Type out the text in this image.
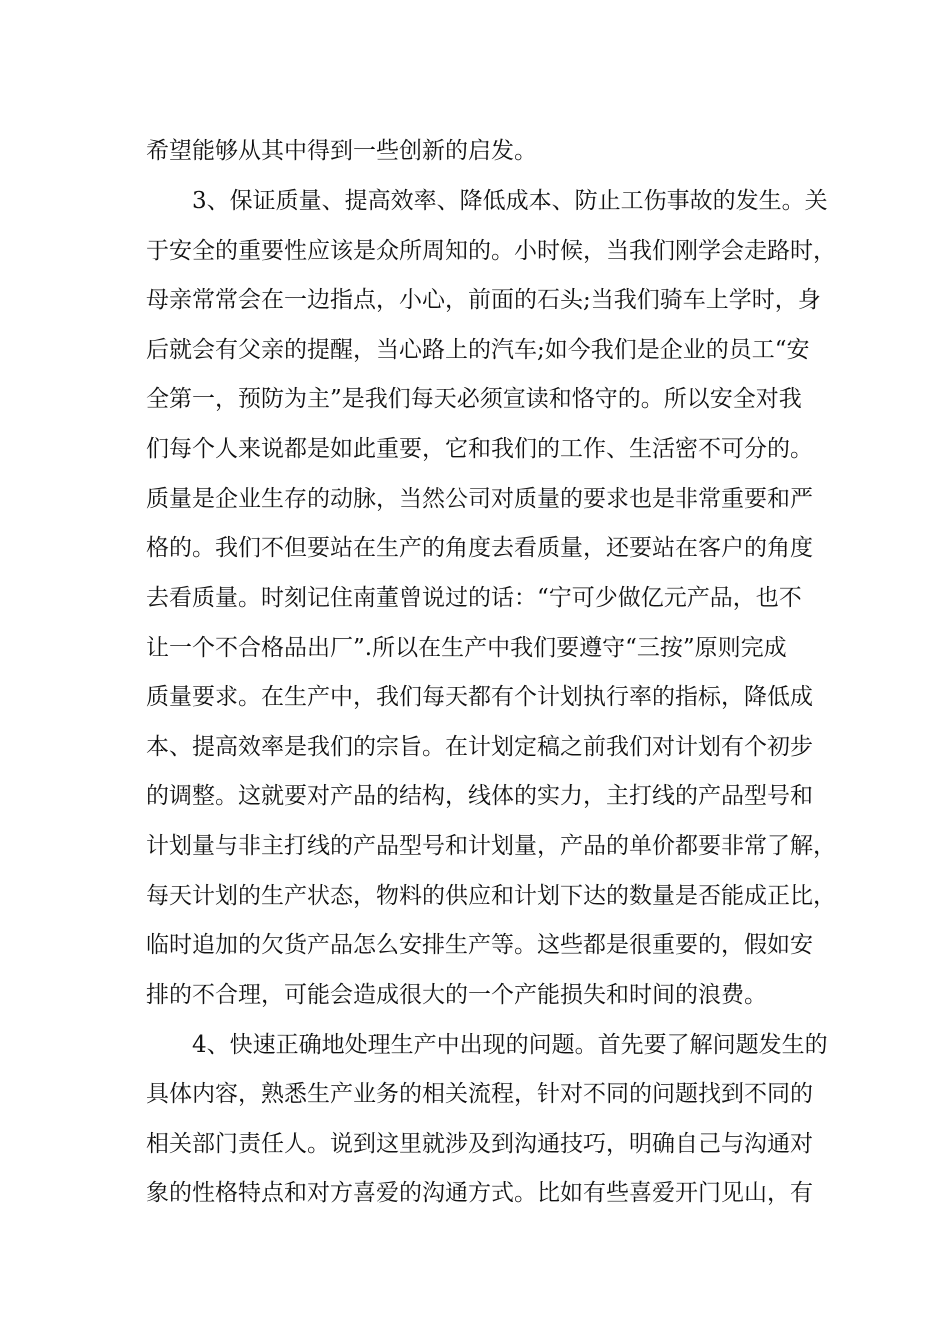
希望能够从其中得到一些创新的启发。
3、保证质量、提高效率、降低成本、防止工伤事故的发生。关
于安全的重要性应该是众所周知的。小时候，当我们刚学会走路时，
母亲常常会在一边指点，小心，前面的石头;当我们骑车上学时，身
后就会有父亲的提醒，当心路上的汽车;如今我们是企业的员工“安
全第一，预防为主”是我们每天必须宣读和恪守的。所以安全对我
们每个人来说都是如此重要，它和我们的工作、生活密不可分的。
质量是企业生存的动脉，当然公司对质量的要求也是非常重要和严
格的。我们不但要站在生产的角度去看质量，还要站在客户的角度
去看质量。时刻记住南董曾说过的话：“宁可少做亿元产品，也不
让一个不合格品出厂”.所以在生产中我们要遵守“三按”原则完成
质量要求。在生产中，我们每天都有个计划执行率的指标，降低成
本、提高效率是我们的宗旨。在计划定稿之前我们对计划有个初步
的调整。这就要对产品的结构，线体的实力，主打线的产品型号和
计划量与非主打线的产品型号和计划量，产品的单价都要非常了解，
每天计划的生产状态，物料的供应和计划下达的数量是否能成正比，
临时追加的欠货产品怎么安排生产等。这些都是很重要的，假如安
排的不合理，可能会造成很大的一个产能损失和时间的浪费。
4、快速正确地处理生产中出现的问题。首先要了解问题发生的
具体内容，熟悉生产业务的相关流程，针对不同的问题找到不同的
相关部门责任人。说到这里就涉及到沟通技巧，明确自己与沟通对
象的性格特点和对方喜爱的沟通方式。比如有些喜爱开门见山，有
